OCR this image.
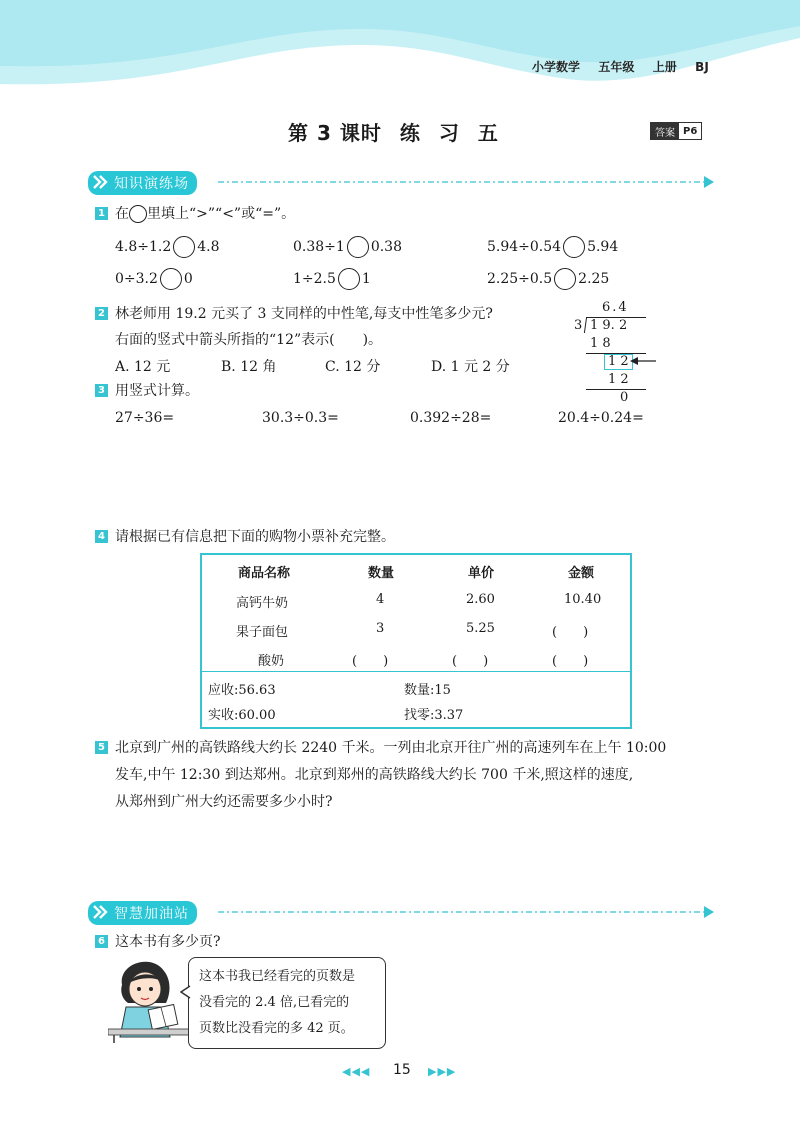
小学数学 五年级 上册 BJ
第 3 课时 练 习 五	答案 P6
知识演练场
1 在 里填上“>”“<”或“=”。
4.8÷1.2 4.8	0.38÷1 0.38	5.94÷0.54 5.94
0÷3.2 0	1÷2.5 1	2.25÷0.5 2.25
2 林老师用 19.2 元买了 3 支同样的中性笔,每支中性笔多少元?
右面的竖式中箭头所指的“12”表示(　　)。
A. 12 元	B. 12 角	C. 12 分	D. 1 元 2 分
6.4
3 1 9. 2
1 8
1 2
1 2
0
3 用竖式计算。
27÷36=	30.3÷0.3=	0.392÷28=	20.4÷0.24=
4 请根据已有信息把下面的购物小票补充完整。
商品名称	数量	单价	金额
高钙牛奶	4	2.60	10.40
果子面包	3	5.25	(　　)
酸奶	(　　)	(　　)	(　　)
应收:56.63	数量:15
实收:60.00	找零:3.37
5 北京到广州的高铁路线大约长 2240 千米。一列由北京开往广州的高速列车在上午 10:00
发车,中午 12:30 到达郑州。北京到郑州的高铁路线大约长 700 千米,照这样的速度,
从郑州到广州大约还需要多少小时?
智慧加油站
6 这本书有多少页?
这本书我已经看完的页数是
没看完的 2.4 倍,已看完的
页数比没看完的多 42 页。
◀◀◀ 15 ▶▶▶
